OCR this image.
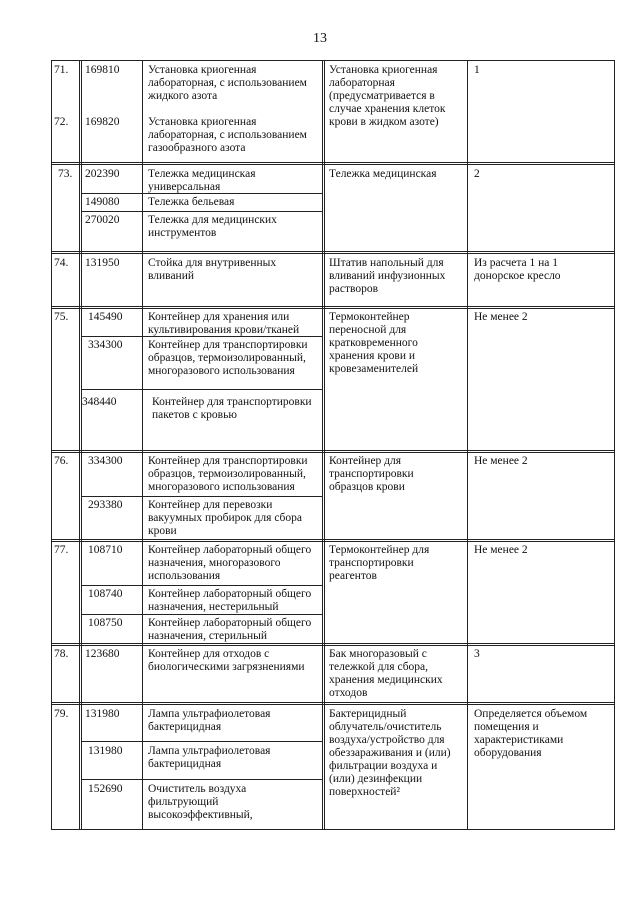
13
71. 169810 Установка криогенная
лабораторная, с использованием
жидкого азота
Установка криогенная
лабораторная
(предусматривается в
случае хранения клеток
крови в жидком азоте)
1
72. 169820 Установка криогенная
лабораторная, с использованием
газообразного азота
73. 202390 Тележка медицинская
универсальная
Тележка медицинская	2
149080 Тележка бельевая
270020 Тележка для медицинских
инструментов
74. 131950 Стойка для внутривенных
вливаний
Штатив напольный для
вливаний инфузионных
растворов
Из расчета 1 на 1
донорское кресло
75. 145490 Контейнер для хранения или
культивирования крови/тканей
Термоконтейнер
переносной для
кратковременного
хранения крови и
кровезаменителей
Не менее 2
334300 Контейнер для транспортировки
образцов, термоизолированный,
многоразового использования
348440	Контейнер для транспортировки
пакетов с кровью
76. 334300 Контейнер для транспортировки
образцов, термоизолированный,
многоразового использования
Контейнер для
транспортировки
образцов крови
Не менее 2
293380 Контейнер для перевозки
вакуумных пробирок для сбора
крови
77. 108710 Контейнер лабораторный общего
назначения, многоразового
использования
Термоконтейнер для
транспортировки
реагентов
Не менее 2
108740 Контейнер лабораторный общего
назначения, нестерильный
108750 Контейнер лабораторный общего
назначения, стерильный
78. 123680 Контейнер для отходов с
биологическими загрязнениями
Бак многоразовый с
тележкой для сбора,
хранения медицинских
отходов
3
79. 131980 Лампа ультрафиолетовая
бактерицидная
Бактерицидный
облучатель/очиститель
воздуха/устройство для
обеззараживания и (или)
фильтрации воздуха и
(или) дезинфекции
поверхностей²
Определяется объемом
помещения и
характеристиками
оборудования
131980 Лампа ультрафиолетовая
бактерицидная
152690 Очиститель воздуха
фильтрующий
высокоэффективный,
